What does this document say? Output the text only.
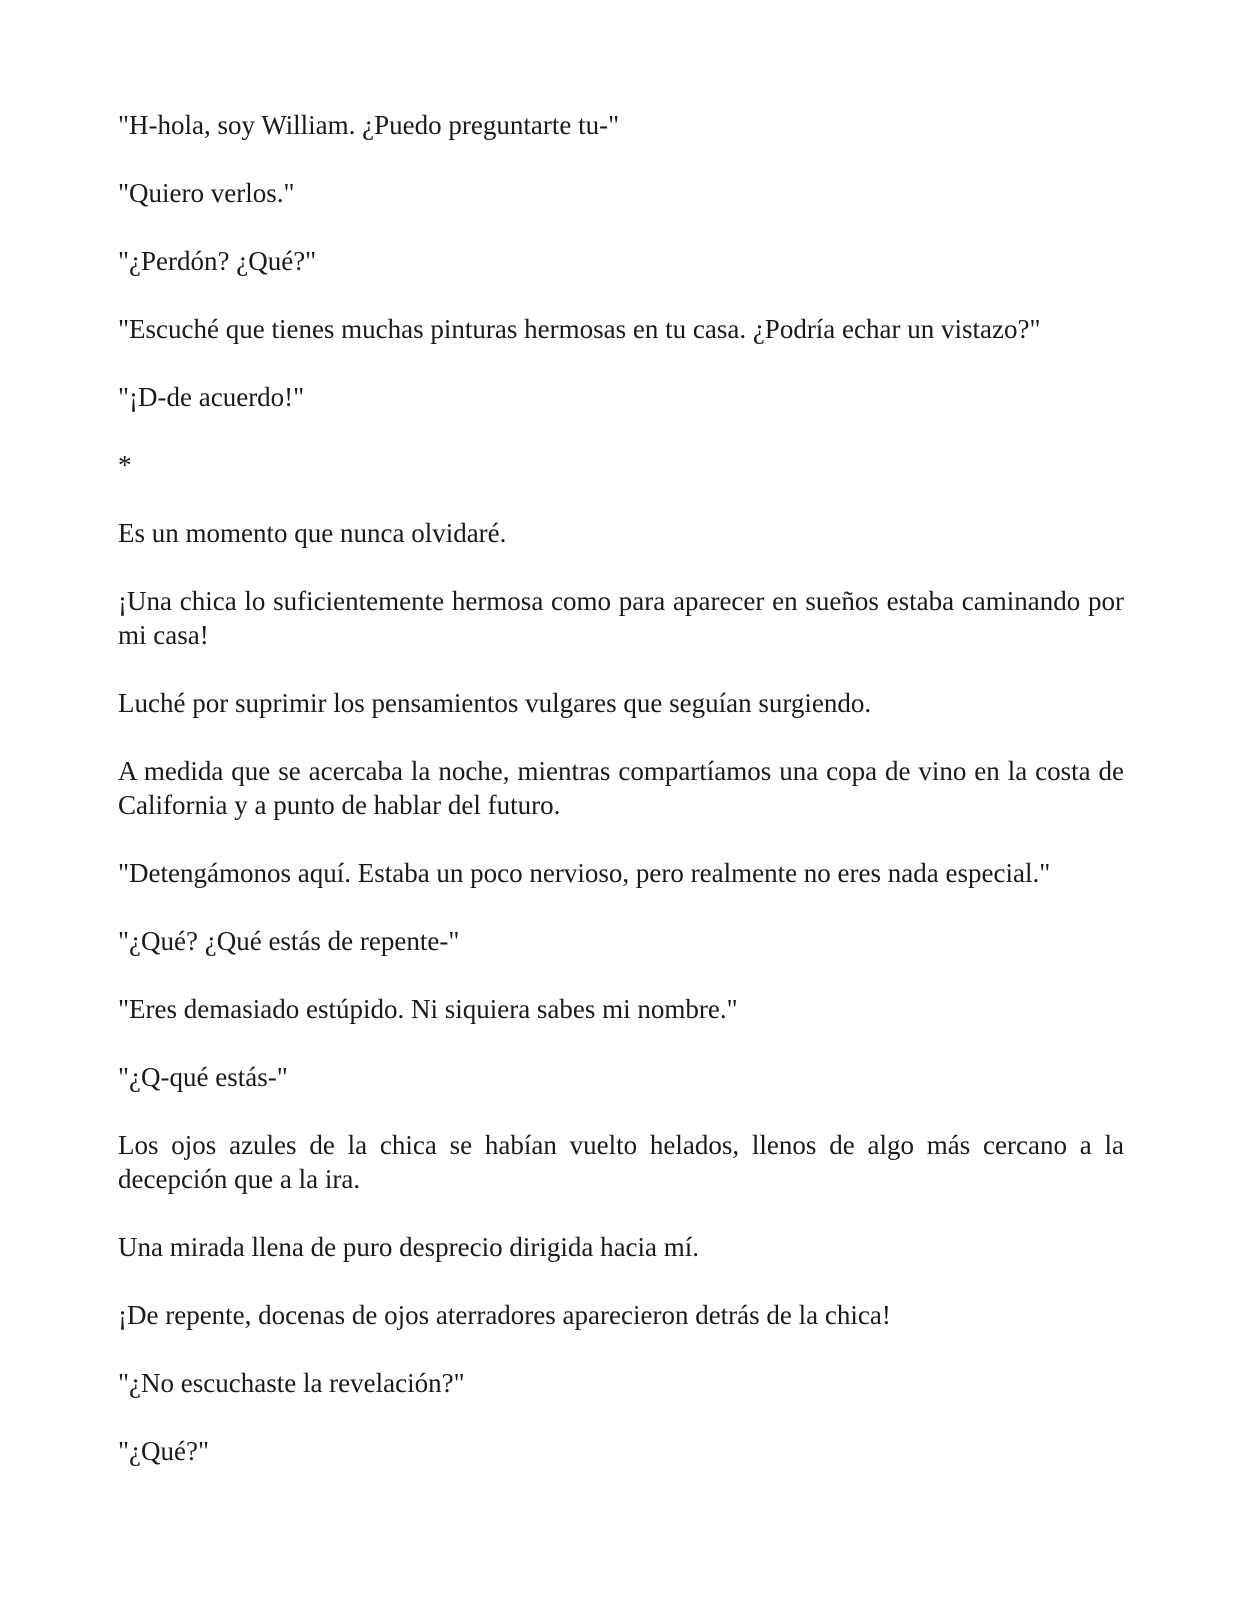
"H-hola, soy William. ¿Puedo preguntarte tu-"

"Quiero verlos."

"¿Perdón? ¿Qué?"

"Escuché que tienes muchas pinturas hermosas en tu casa. ¿Podría echar un vistazo?"

"¡D-de acuerdo!"

*

Es un momento que nunca olvidaré.

¡Una chica lo suficientemente hermosa como para aparecer en sueños estaba caminando por mi casa!

Luché por suprimir los pensamientos vulgares que seguían surgiendo.

A medida que se acercaba la noche, mientras compartíamos una copa de vino en la costa de California y a punto de hablar del futuro.

"Detengámonos aquí. Estaba un poco nervioso, pero realmente no eres nada especial."

"¿Qué? ¿Qué estás de repente-"

"Eres demasiado estúpido. Ni siquiera sabes mi nombre."

"¿Q-qué estás-"

Los ojos azules de la chica se habían vuelto helados, llenos de algo más cercano a la decepción que a la ira.

Una mirada llena de puro desprecio dirigida hacia mí.

¡De repente, docenas de ojos aterradores aparecieron detrás de la chica!

"¿No escuchaste la revelación?"

"¿Qué?"
